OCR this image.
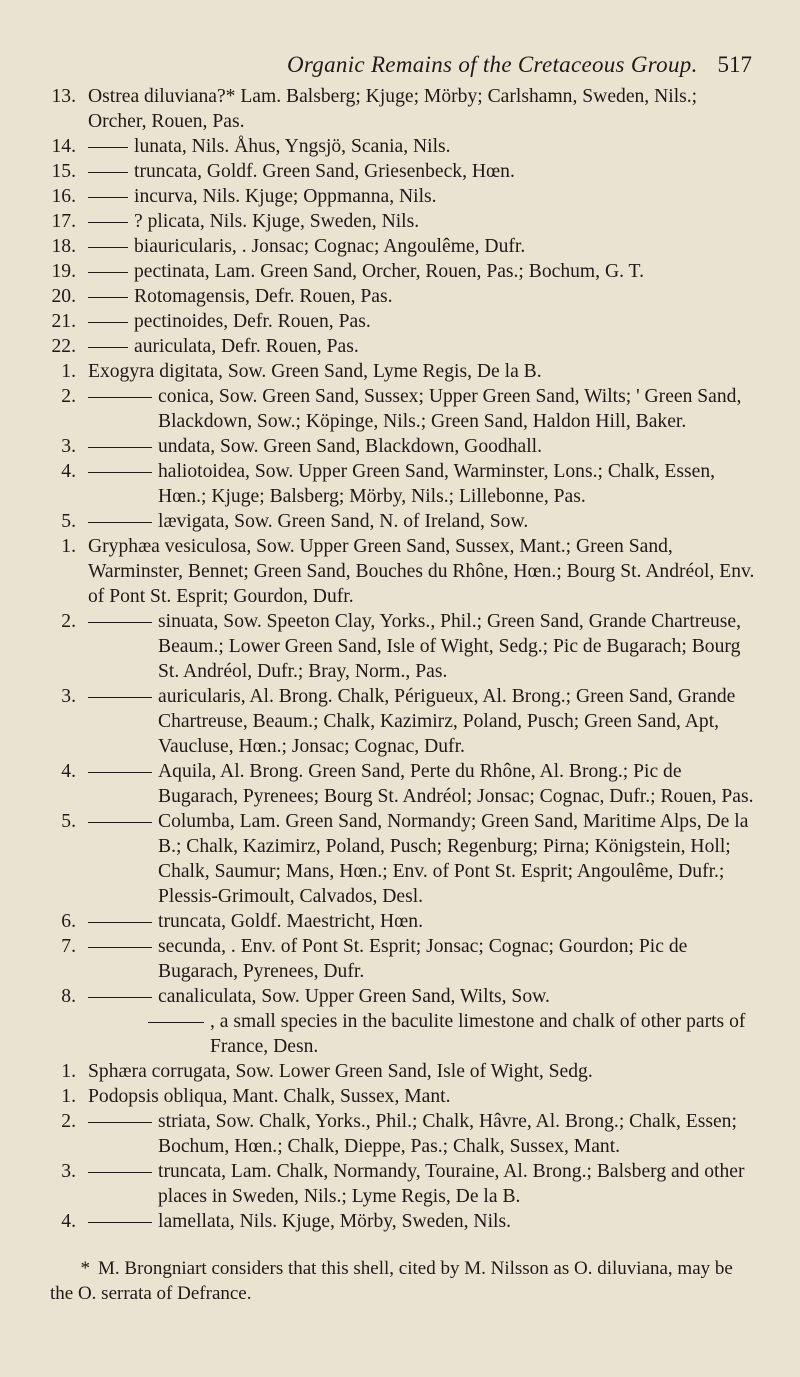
Organic Remains of the Cretaceous Group. 517
13. Ostrea diluviana?* Lam. Balsberg; Kjuge; Mörby; Carlshamn, Sweden, Nils.; Orcher, Rouen, Pas.
14.	lunata, Nils. Åhus, Yngsjö, Scania, Nils.
15.	truncata, Goldf. Green Sand, Griesenbeck, Hœn.
16.	incurva, Nils. Kjuge; Oppmanna, Nils.
17.	? plicata, Nils. Kjuge, Sweden, Nils.
18.	biauricularis, . Jonsac; Cognac; Angoulême, Dufr.
19.	pectinata, Lam. Green Sand, Orcher, Rouen, Pas.; Bochum, G. T.
20.	Rotomagensis, Defr. Rouen, Pas.
21.	pectinoides, Defr. Rouen, Pas.
22.	auriculata, Defr. Rouen, Pas.
1. Exogyra digitata, Sow. Green Sand, Lyme Regis, De la B.
2.	conica, Sow. Green Sand, Sussex; Upper Green Sand, Wilts; ' Green Sand, Blackdown, Sow.; Köpinge, Nils.; Green Sand, Haldon Hill, Baker.
3.	undata, Sow. Green Sand, Blackdown, Goodhall.
4.	haliotoidea, Sow. Upper Green Sand, Warminster, Lons.; Chalk, Essen, Hœn.; Kjuge; Balsberg; Mörby, Nils.; Lillebonne, Pas.
5.	lævigata, Sow. Green Sand, N. of Ireland, Sow.
1. Gryphæa vesiculosa, Sow. Upper Green Sand, Sussex, Mant.; Green Sand, Warminster, Bennet; Green Sand, Bouches du Rhône, Hœn.; Bourg St. Andréol, Env. of Pont St. Esprit; Gourdon, Dufr.
2.	sinuata, Sow. Speeton Clay, Yorks., Phil.; Green Sand, Grande Chartreuse, Beaum.; Lower Green Sand, Isle of Wight, Sedg.; Pic de Bugarach; Bourg St. Andréol, Dufr.; Bray, Norm., Pas.
3.	auricularis, Al. Brong. Chalk, Périgueux, Al. Brong.; Green Sand, Grande Chartreuse, Beaum.; Chalk, Kazimirz, Poland, Pusch; Green Sand, Apt, Vaucluse, Hœn.; Jonsac; Cognac, Dufr.
4.	Aquila, Al. Brong. Green Sand, Perte du Rhône, Al. Brong.; Pic de Bugarach, Pyrenees; Bourg St. Andréol; Jonsac; Cognac, Dufr.; Rouen, Pas.
5.	Columba, Lam. Green Sand, Normandy; Green Sand, Maritime Alps, De la B.; Chalk, Kazimirz, Poland, Pusch; Regenburg; Pirna; Königstein, Holl; Chalk, Saumur; Mans, Hœn.; Env. of Pont St. Esprit; Angoulême, Dufr.; Plessis-Grimoult, Calvados, Desl.
6.	truncata, Goldf. Maestricht, Hœn.
7.	secunda, . Env. of Pont St. Esprit; Jonsac; Cognac; Gourdon; Pic de Bugarach, Pyrenees, Dufr.
8.	canaliculata, Sow. Upper Green Sand, Wilts, Sow.
, a small species in the baculite limestone and chalk of other parts of France, Desn.
1. Sphæra corrugata, Sow. Lower Green Sand, Isle of Wight, Sedg.
1. Podopsis obliqua, Mant. Chalk, Sussex, Mant.
2.	striata, Sow. Chalk, Yorks., Phil.; Chalk, Hâvre, Al. Brong.; Chalk, Essen; Bochum, Hœn.; Chalk, Dieppe, Pas.; Chalk, Sussex, Mant.
3.	truncata, Lam. Chalk, Normandy, Touraine, Al. Brong.; Balsberg and other places in Sweden, Nils.; Lyme Regis, De la B.
4.	lamellata, Nils. Kjuge, Mörby, Sweden, Nils.
* M. Brongniart considers that this shell, cited by M. Nilsson as O. diluviana, may be the O. serrata of Defrance.
